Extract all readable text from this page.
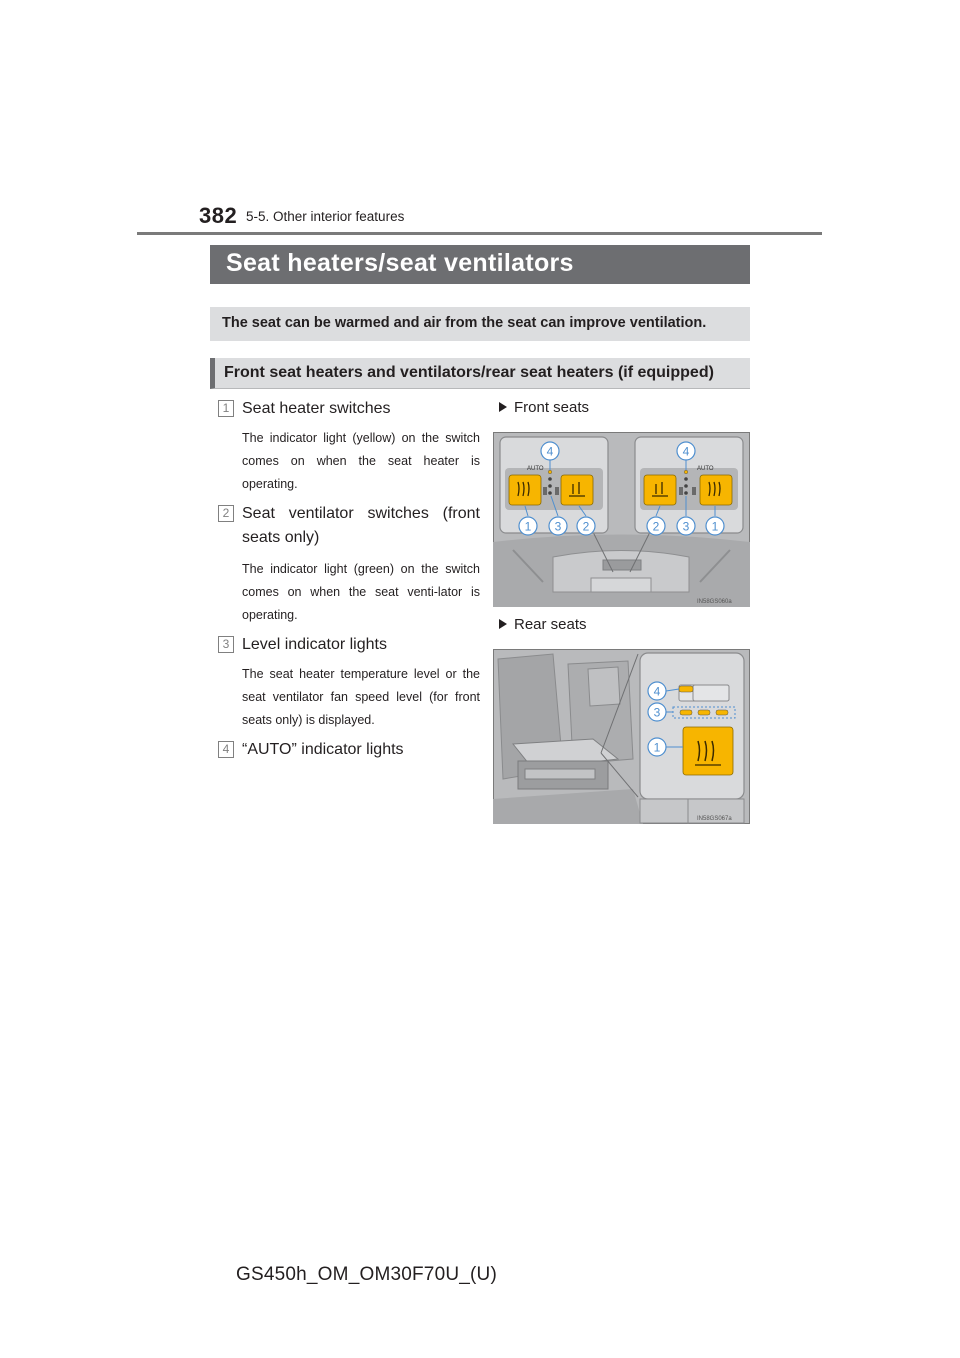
382 5-5. Other interior features
Seat heaters/seat ventilators
The seat can be warmed and air from the seat can improve ventilation.
Front seat heaters and ventilators/rear seat heaters (if equipped)
1 Seat heater switches
The indicator light (yellow) on the switch comes on when the seat heater is operating.
2 Seat ventilator switches (front seats only)
The indicator light (green) on the switch comes on when the seat venti-lator is operating.
3 Level indicator lights
The seat heater temperature level or the seat ventilator fan speed level (for front seats only) is displayed.
4 “AUTO” indicator lights
Front seats
Rear seats
AUTO	AUTO
4	4
1 3 2	2 3 1
IN58GS060a
4
3
1
IN58GS067a
GS450h_OM_OM30F70U_(U)
